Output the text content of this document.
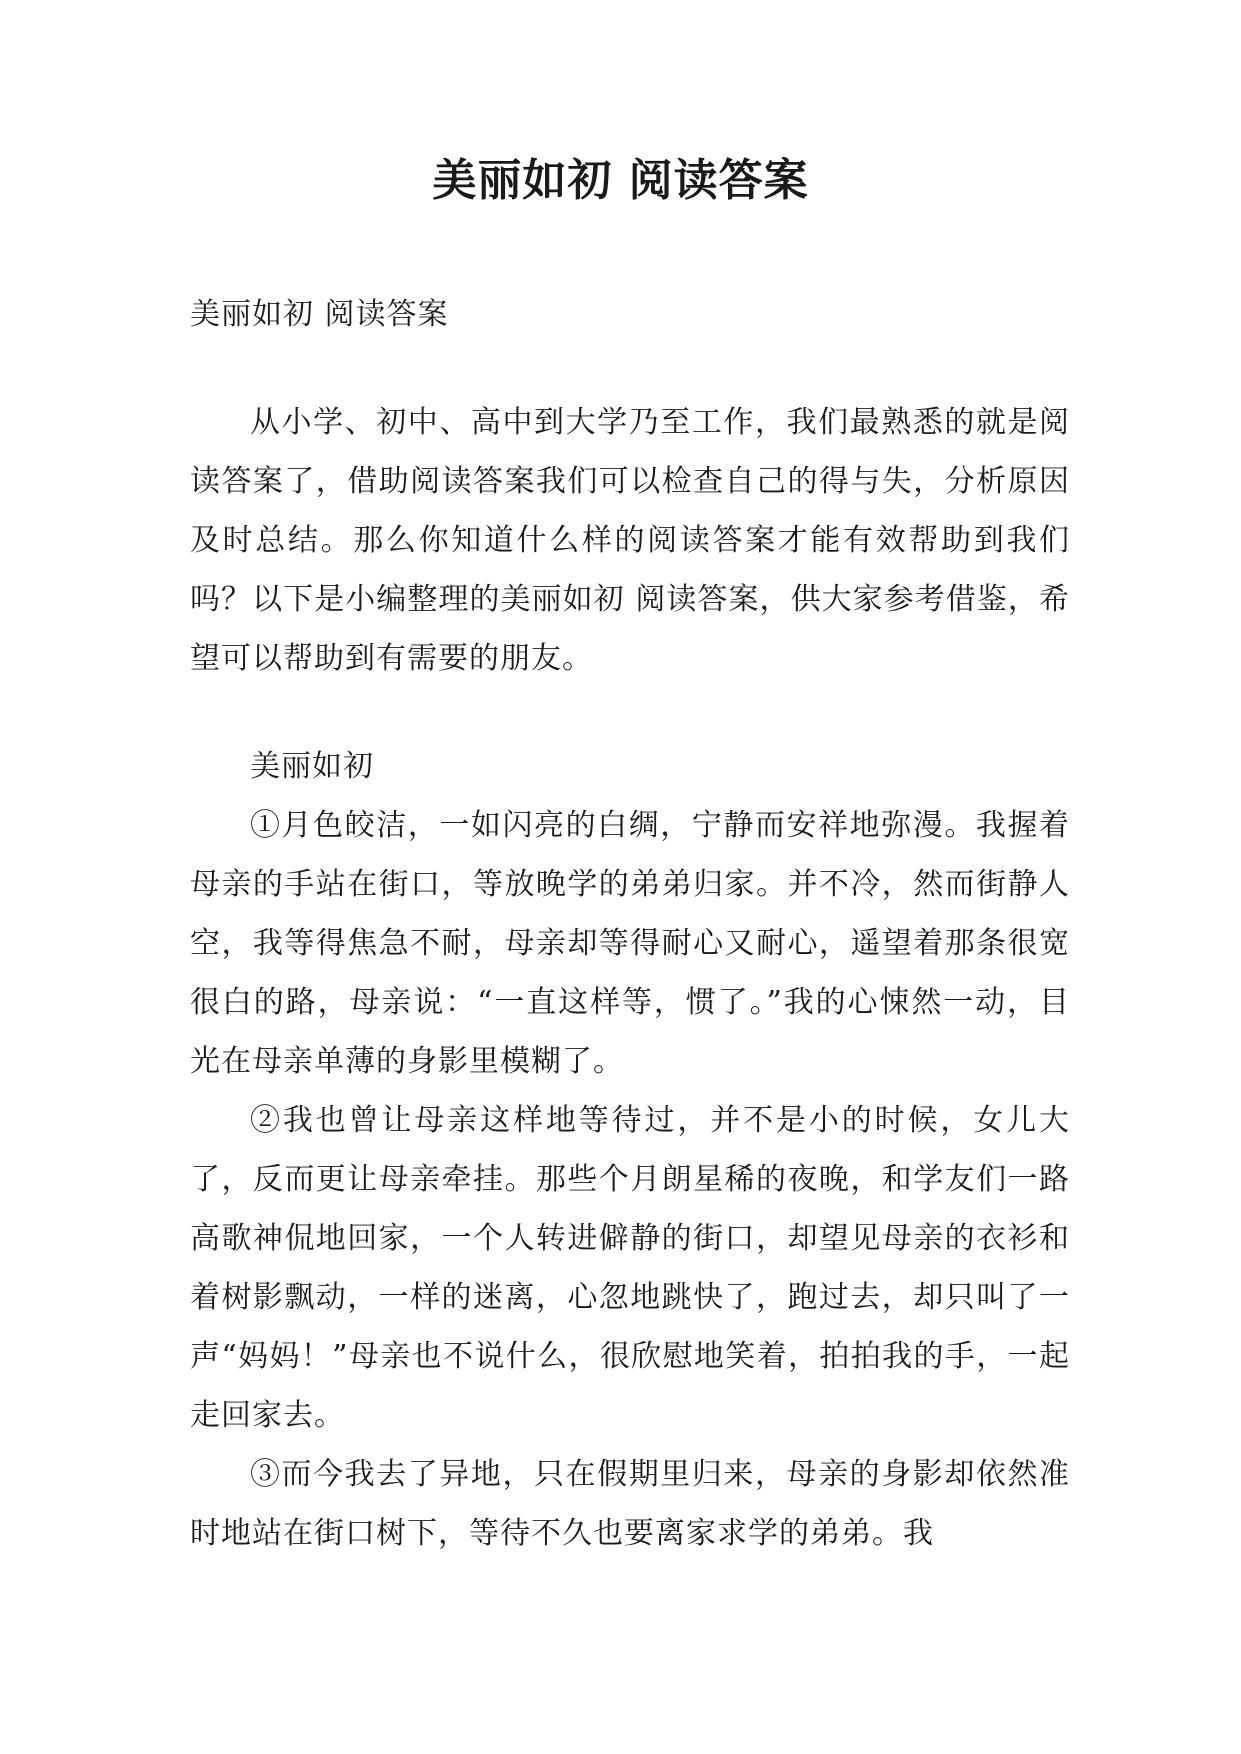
美丽如初 阅读答案

美丽如初 阅读答案

从小学、初中、高中到大学乃至工作，我们最熟悉的就是阅读答案了，借助阅读答案我们可以检查自己的得与失，分析原因及时总结。那么你知道什么样的阅读答案才能有效帮助到我们吗？以下是小编整理的美丽如初 阅读答案，供大家参考借鉴，希望可以帮助到有需要的朋友。

美丽如初

①月色皎洁，一如闪亮的白绸，宁静而安祥地弥漫。我握着母亲的手站在街口，等放晚学的弟弟归家。并不冷，然而街静人空，我等得焦急不耐，母亲却等得耐心又耐心，遥望着那条很宽很白的路，母亲说：“一直这样等，惯了。”我的心悚然一动，目光在母亲单薄的身影里模糊了。

②我也曾让母亲这样地等待过，并不是小的时候，女儿大了，反而更让母亲牵挂。那些个月朗星稀的夜晚，和学友们一路高歌神侃地回家，一个人转进僻静的街口，却望见母亲的衣衫和着树影飘动，一样的迷离，心忽地跳快了，跑过去，却只叫了一声“妈妈！”母亲也不说什么，很欣慰地笑着，拍拍我的手，一起走回家去。

③而今我去了异地，只在假期里归来，母亲的身影却依然准时地站在街口树下，等待不久也要离家求学的弟弟。我
